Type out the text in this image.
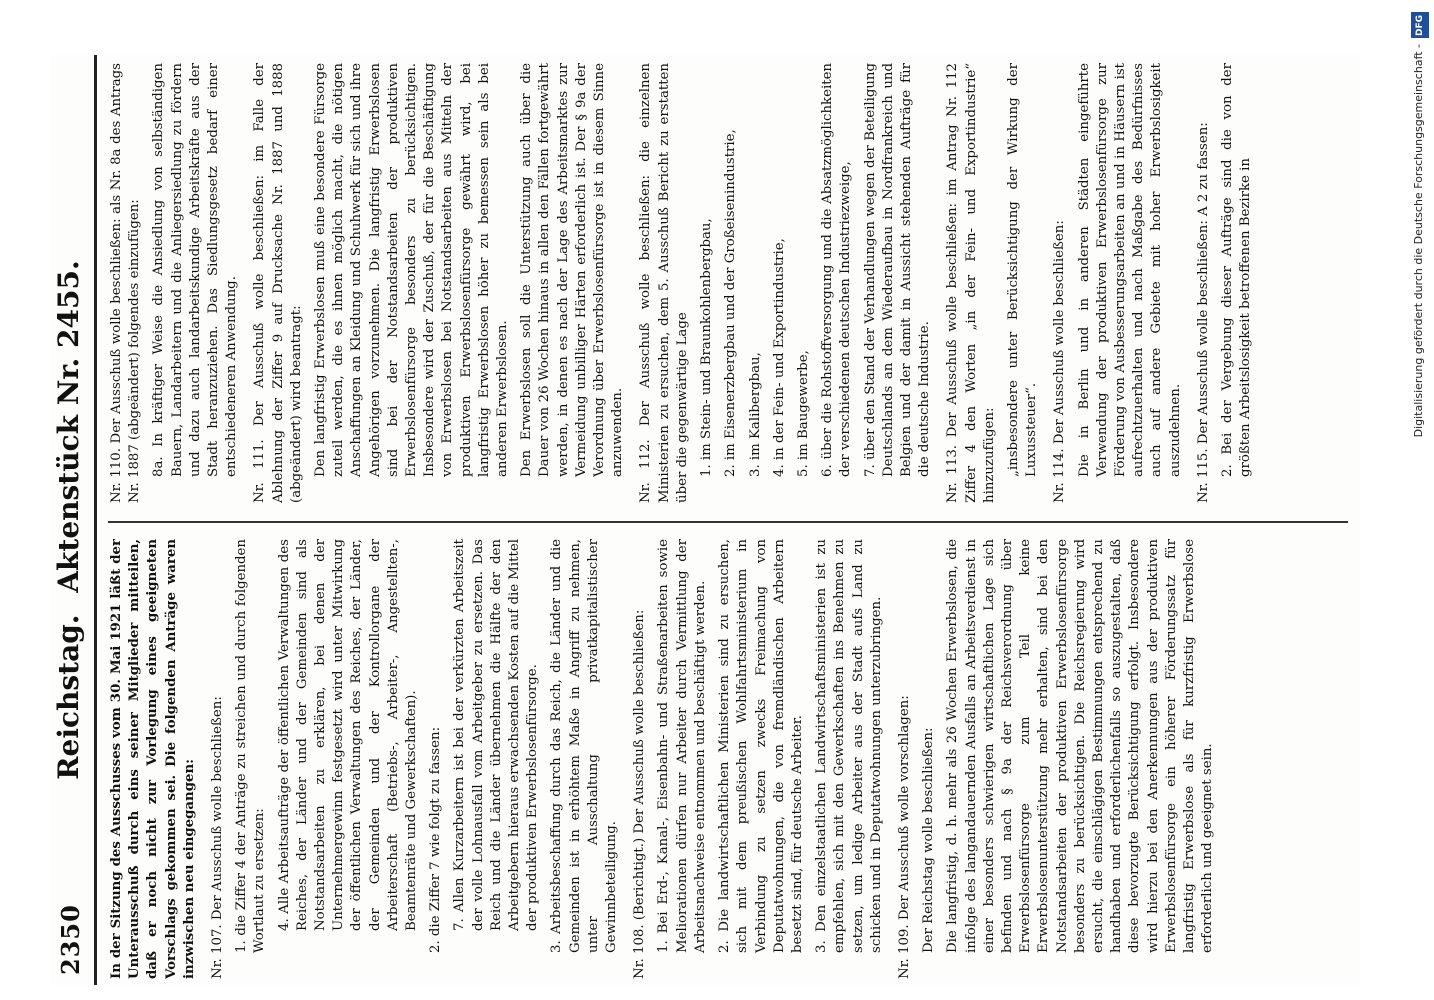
2350
Reichstag. Aktenstück Nr. 2455.

In der Sitzung des Ausschusses vom 30. Mai 1921 läßt der Unterausschuß durch eins seiner Mitglieder mitteilen, daß er noch nicht zur Vorlegung eines geeigneten Vorschlags gekommen sei. Die folgenden Anträge waren inzwischen neu eingegangen: Nr. 107. Der Ausschuß wolle beschließen: 1. die Ziffer 4 der Anträge zu streichen und durch folgenden Wortlaut zu ersetzen: 4. Alle Arbeitsaufträge der öffentlichen Verwaltungen des Reiches, der Länder und der Gemeinden sind als Notstandsarbeiten zu erklären, bei denen der Unternehmergewinn festgesetzt wird unter Mitwirkung der öffentlichen Verwaltungen des Reiches, der Länder, der Gemeinden und der Kontrollorgane der Arbeiterschaft (Betriebs-, Arbeiter-, Angestellten-, Beamtenräte und Gewerkschaften). 2. die Ziffer 7 wie folgt zu fassen: 7. Allen Kurzarbeitern ist bei der verkürzten Arbeitszeit der volle Lohnausfall vom Arbeitgeber zu ersetzen. Das Reich und die Länder übernehmen die Hälfte der den Arbeitgebern hieraus erwachsenden Kosten auf die Mittel der produktiven Erwerbslosenfürsorge. 3. Arbeitsbeschaffung durch das Reich, die Länder und die Gemeinden ist in erhöhtem Maße in Angriff zu nehmen, unter Ausschaltung privatkapitalistischer Gewinnbeteiligung. Nr. 108. (Berichtigt.) Der Ausschuß wolle beschließen: 1. Bei Erd-, Kanal-, Eisenbahn- und Straßenarbeiten sowie Meliorationen dürfen nur Arbeiter durch Vermittlung der Arbeitsnachweise entnommen und beschäftigt werden. 2. Die landwirtschaftlichen Ministerien sind zu ersuchen, sich mit dem preußischen Wohlfahrtsministerium in Verbindung zu setzen zwecks Freimachung von Deputatwohnungen, die von fremdländischen Arbeitern besetzt sind, für deutsche Arbeiter. 3. Den einzelstaatlichen Landwirtschaftsministerien ist zu empfehlen, sich mit den Gewerkschaften ins Benehmen zu setzen, um ledige Arbeiter aus der Stadt aufs Land zu schicken und in Deputatwohnungen unterzubringen. Nr. 109. Der Ausschuß wolle vorschlagen: Der Reichstag wolle beschließen: Die langfristig, d. h. mehr als 26 Wochen Erwerbslosen, die infolge des langandauernden Ausfalls an Arbeitsverdienst in einer besonders schwierigen wirtschaftlichen Lage sich befinden und nach § 9a der Reichsverordnung über Erwerbslosenfürsorge zum Teil keine Erwerbslosenunterstützung mehr erhalten, sind bei den Notstandsarbeiten der produktiven Erwerbslosenfürsorge besonders zu berücksichtigen. Die Reichsregierung wird ersucht, die einschlägigen Bestimmungen entsprechend zu handhaben und erforderlichenfalls so auszugestalten, daß diese bevorzugte Berücksichtigung erfolgt. Insbesondere wird hierzu bei den Anerkennungen aus der produktiven Erwerbslosenfürsorge ein höherer Förderungssatz für langfristig Erwerbslose als für kurzfristig Erwerbslose erforderlich und geeignet sein.

Nr. 110. Der Ausschuß wolle beschließen: als Nr. 8a des Antrags Nr. 1887 (abgeändert) folgendes einzufügen: 8a. In kräftiger Weise die Ansiedlung von selbständigen Bauern, Landarbeitern und die Anliegersiedlung zu fördern und dazu auch landarbeitskundige Arbeitskräfte aus der Stadt heranzuziehen. Das Siedlungsgesetz bedarf einer entschiedeneren Anwendung. Nr. 111. Der Ausschuß wolle beschließen: im Falle der Ablehnung der Ziffer 9 auf Drucksache Nr. 1887 und 1888 (abgeändert) wird beantragt: Den langfristig Erwerbslosen muß eine besondere Fürsorge zuteil werden, die es ihnen möglich macht, die nötigen Anschaffungen an Kleidung und Schuhwerk für sich und ihre Angehörigen vorzunehmen. Die langfristig Erwerbslosen sind bei der Notstandsarbeiten der produktiven Erwerbslosenfürsorge besonders zu berücksichtigen. Insbesondere wird der Zuschuß, der für die Beschäftigung von Erwerbslosen bei Notstandsarbeiten aus Mitteln der produktiven Erwerbslosenfürsorge gewährt wird, bei langfristig Erwerbslosen höher zu bemessen sein als bei anderen Erwerbslosen. Den Erwerbslosen soll die Unterstützung auch über die Dauer von 26 Wochen hinaus in allen den Fällen fortgewährt werden, in denen es nach der Lage des Arbeitsmarktes zur Vermeidung unbilliger Härten erforderlich ist. Der § 9a der Verordnung über Erwerbslosenfürsorge ist in diesem Sinne anzuwenden. Nr. 112. Der Ausschuß wolle beschließen: die einzelnen Ministerien zu ersuchen, dem 5. Ausschuß Bericht zu erstatten über die gegenwärtige Lage 1. im Stein- und Braunkohlenbergbau, 2. im Eisenerzbergbau und der Großeisenindustrie, 3. im Kalibergbau, 4. in der Fein- und Exportindustrie, 5. im Baugewerbe, 6. über die Rohstoffversorgung und die Absatzmöglichkeiten der verschiedenen deutschen Industriezweige, 7. über den Stand der Verhandlungen wegen der Beteiligung Deutschlands an dem Wiederaufbau in Nordfrankreich und Belgien und der damit in Aussicht stehenden Aufträge für die deutsche Industrie. Nr. 113. Der Ausschuß wolle beschließen: im Antrag Nr. 112 Ziffer 4 den Worten „in der Fein- und Exportindustrie“ hinzuzufügen: „insbesondere unter Berücksichtigung der Wirkung der Luxussteuer“. Nr. 114. Der Ausschuß wolle beschließen: Die in Berlin und in anderen Städten eingeführte Verwendung der produktiven Erwerbslosenfürsorge zur Förderung von Ausbesserungsarbeiten an und in Häusern ist aufrechtzuerhalten und nach Maßgabe des Bedürfnisses auch auf andere Gebiete mit hoher Erwerbslosigkeit auszudehnen. Nr. 115. Der Ausschuß wolle beschließen: A 2 zu fassen: 2. Bei der Vergebung dieser Aufträge sind die von der größten Arbeitslosigkeit betroffenen Bezirke in

DFG
Digitalisierung gefördert durch die Deutsche Forschungsgemeinschaft -
